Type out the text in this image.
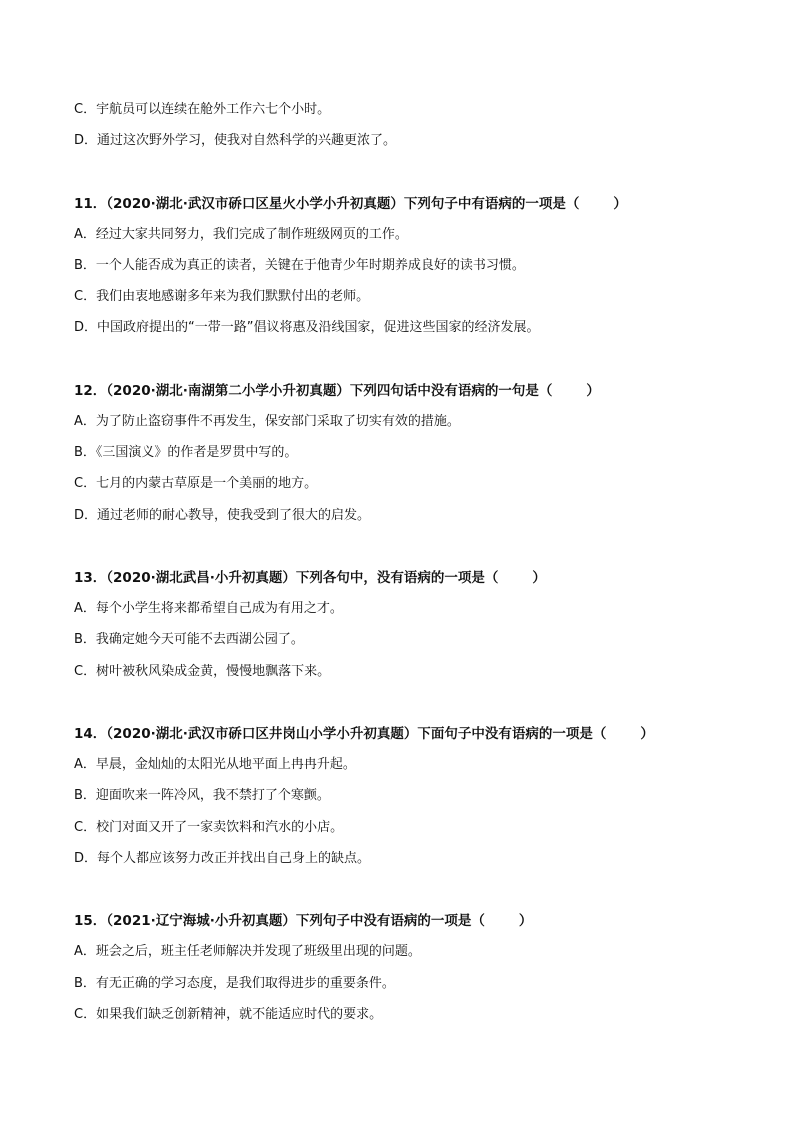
C．宇航员可以连续在舱外工作六七个小时。
D．通过这次野外学习，使我对自然科学的兴趣更浓了。
11．（2020·湖北·武汉市硚口区星火小学小升初真题）下列句子中有语病的一项是（	）
A．经过大家共同努力，我们完成了制作班级网页的工作。
B．一个人能否成为真正的读者，关键在于他青少年时期养成良好的读书习惯。
C．我们由衷地感谢多年来为我们默默付出的老师。
D．中国政府提出的“一带一路”倡议将惠及沿线国家，促进这些国家的经济发展。
12．（2020·湖北·南湖第二小学小升初真题）下列四句话中没有语病的一句是（	）
A．为了防止盗窃事件不再发生，保安部门采取了切实有效的措施。
B．《三国演义》的作者是罗贯中写的。
C．七月的内蒙古草原是一个美丽的地方。
D．通过老师的耐心教导，使我受到了很大的启发。
13．（2020·湖北武昌·小升初真题）下列各句中，没有语病的一项是（	）
A．每个小学生将来都希望自己成为有用之才。
B．我确定她今天可能不去西湖公园了。
C．树叶被秋风染成金黄，慢慢地飘落下来。
14．（2020·湖北·武汉市硚口区井岗山小学小升初真题）下面句子中没有语病的一项是（	）
A．早晨，金灿灿的太阳光从地平面上冉冉升起。
B．迎面吹来一阵冷风，我不禁打了个寒颤。
C．校门对面又开了一家卖饮料和汽水的小店。
D．每个人都应该努力改正并找出自己身上的缺点。
15．（2021·辽宁海城·小升初真题）下列句子中没有语病的一项是（	）
A．班会之后，班主任老师解决并发现了班级里出现的问题。
B．有无正确的学习态度，是我们取得进步的重要条件。
C．如果我们缺乏创新精神，就不能适应时代的要求。
